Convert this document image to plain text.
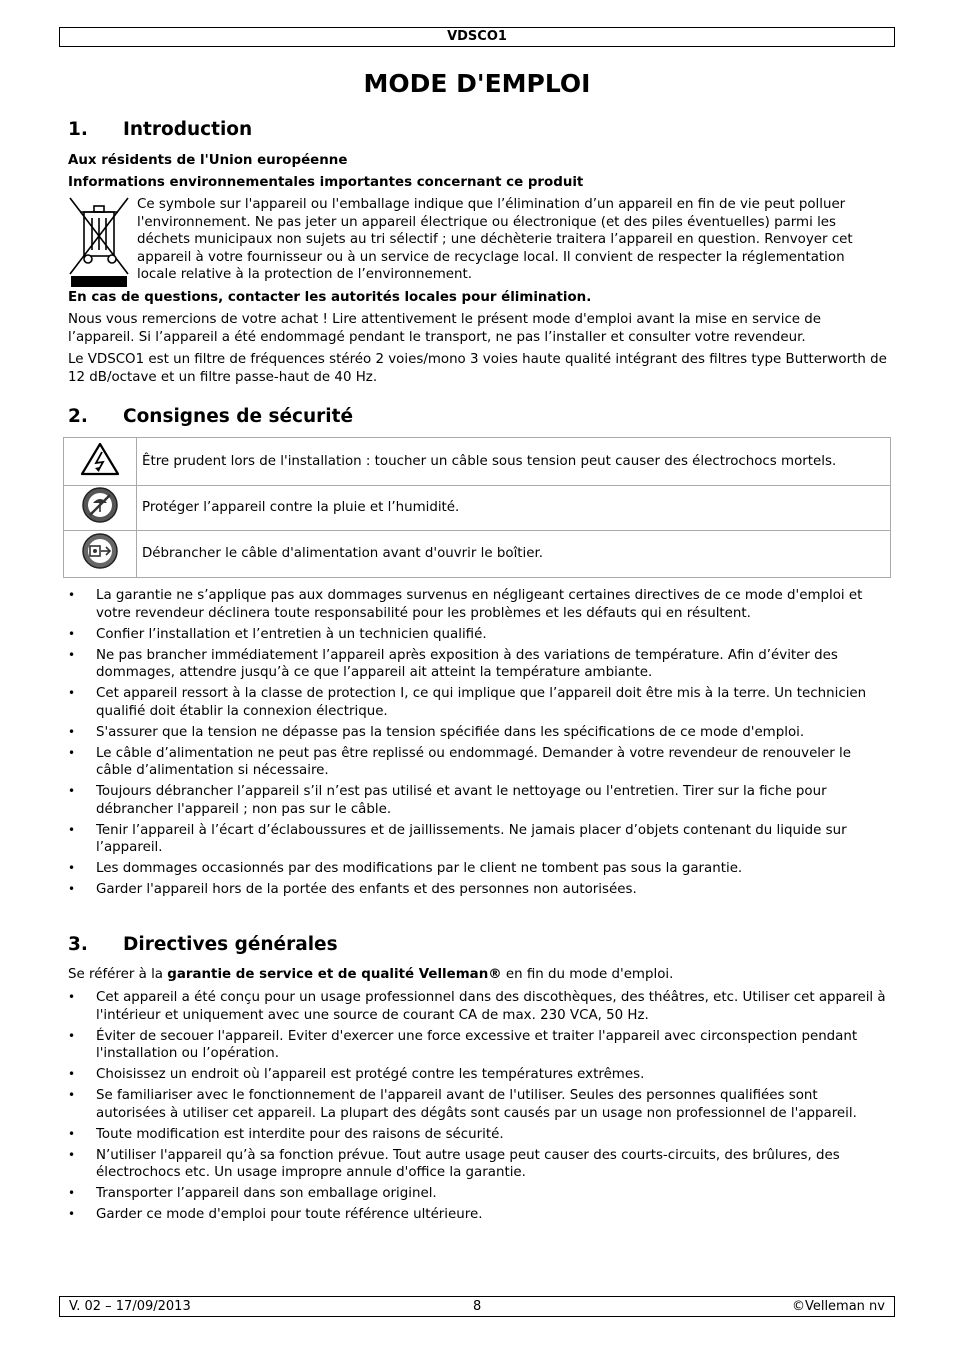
VDSCO1
MODE D'EMPLOI
1. Introduction

Aux résidents de l'Union européenne

Informations environnementales importantes concernant ce produit

Ce symbole sur l'appareil ou l'emballage indique que l’élimination d’un appareil en fin de vie peut polluer l'environnement. Ne pas jeter un appareil électrique ou électronique (et des piles éventuelles) parmi les déchets municipaux non sujets au tri sélectif ; une déchèterie traitera l’appareil en question. Renvoyer cet appareil à votre fournisseur ou à un service de recyclage local. Il convient de respecter la réglementation locale relative à la protection de l’environnement.

En cas de questions, contacter les autorités locales pour élimination.

Nous vous remercions de votre achat ! Lire attentivement le présent mode d'emploi avant la mise en service de l’appareil. Si l’appareil a été endommagé pendant le transport, ne pas l’installer et consulter votre revendeur.

Le VDSCO1 est un filtre de fréquences stéréo 2 voies/mono 3 voies haute qualité intégrant des filtres type Butterworth de 12 dB/octave et un filtre passe-haut de 40 Hz.

2. Consignes de sécurité
	Être prudent lors de l'installation : toucher un câble sous tension peut causer des électrochocs mortels.
	Protéger l’appareil contre la pluie et l’humidité.
	Débrancher le câble d'alimentation avant d'ouvrir le boîtier.
• La garantie ne s’applique pas aux dommages survenus en négligeant certaines directives de ce mode d'emploi et votre revendeur déclinera toute responsabilité pour les problèmes et les défauts qui en résultent.
• Confier l’installation et l’entretien à un technicien qualifié.
• Ne pas brancher immédiatement l’appareil après exposition à des variations de température. Afin d’éviter des dommages, attendre jusqu’à ce que l’appareil ait atteint la température ambiante.
• Cet appareil ressort à la classe de protection I, ce qui implique que l’appareil doit être mis à la terre. Un technicien qualifié doit établir la connexion électrique.
• S'assurer que la tension ne dépasse pas la tension spécifiée dans les spécifications de ce mode d'emploi.
• Le câble d’alimentation ne peut pas être replissé ou endommagé. Demander à votre revendeur de renouveler le câble d’alimentation si nécessaire.
• Toujours débrancher l’appareil s’il n’est pas utilisé et avant le nettoyage ou l'entretien. Tirer sur la fiche pour débrancher l'appareil ; non pas sur le câble.
• Tenir l’appareil à l’écart d’éclaboussures et de jaillissements. Ne jamais placer d’objets contenant du liquide sur l’appareil.
• Les dommages occasionnés par des modifications par le client ne tombent pas sous la garantie.
• Garder l'appareil hors de la portée des enfants et des personnes non autorisées.
3. Directives générales

Se référer à la garantie de service et de qualité Velleman® en fin du mode d'emploi.

• Cet appareil a été conçu pour un usage professionnel dans des discothèques, des théâtres, etc. Utiliser cet appareil à l'intérieur et uniquement avec une source de courant CA de max. 230 VCA, 50 Hz.
• Éviter de secouer l'appareil. Eviter d'exercer une force excessive et traiter l'appareil avec circonspection pendant l'installation ou l’opération.
• Choisissez un endroit où l’appareil est protégé contre les températures extrêmes.
• Se familiariser avec le fonctionnement de l'appareil avant de l'utiliser. Seules des personnes qualifiées sont autorisées à utiliser cet appareil. La plupart des dégâts sont causés par un usage non professionnel de l'appareil.
• Toute modification est interdite pour des raisons de sécurité.
• N’utiliser l'appareil qu’à sa fonction prévue. Tout autre usage peut causer des courts-circuits, des brûlures, des électrochocs etc. Un usage impropre annule d'office la garantie.
• Transporter l’appareil dans son emballage originel.
• Garder ce mode d'emploi pour toute référence ultérieure.
V. 02 – 17/09/2013	8	©Velleman nv
